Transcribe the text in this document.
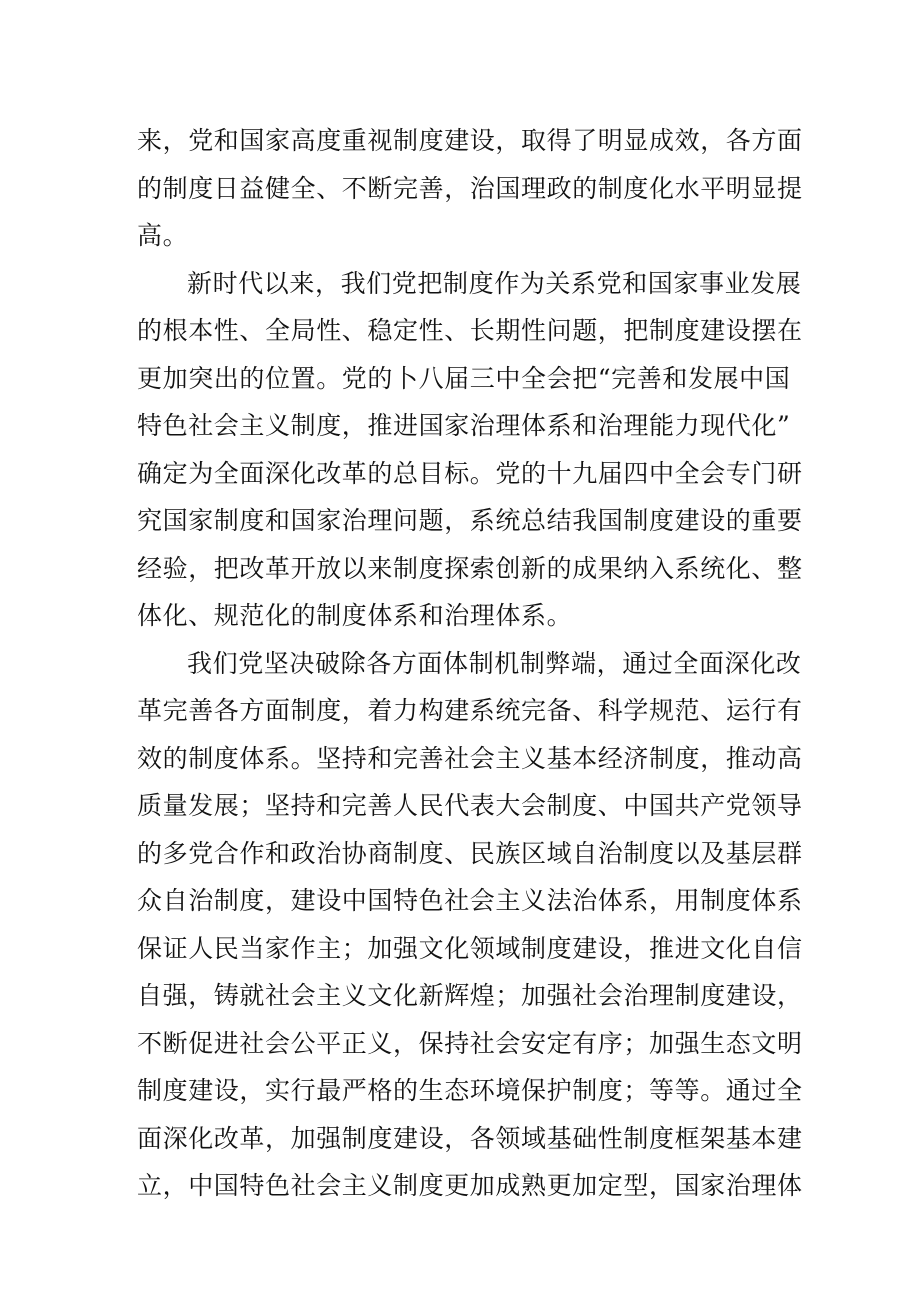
来，党和国家高度重视制度建设，取得了明显成效，各方面
的制度日益健全、不断完善，治国理政的制度化水平明显提
高。
新时代以来，我们党把制度作为关系党和国家事业发展
的根本性、全局性、稳定性、长期性问题，把制度建设摆在
更加突出的位置。党的卜八届三中全会把“完善和发展中国
特色社会主义制度，推进国家治理体系和治理能力现代化”
确定为全面深化改革的总目标。党的十九届四中全会专门研
究国家制度和国家治理问题，系统总结我国制度建设的重要
经验，把改革开放以来制度探索创新的成果纳入系统化、整
体化、规范化的制度体系和治理体系。
我们党坚决破除各方面体制机制弊端，通过全面深化改
革完善各方面制度，着力构建系统完备、科学规范、运行有
效的制度体系。坚持和完善社会主义基本经济制度，推动高
质量发展；坚持和完善人民代表大会制度、中国共产党领导
的多党合作和政治协商制度、民族区域自治制度以及基层群
众自治制度，建设中国特色社会主义法治体系，用制度体系
保证人民当家作主；加强文化领域制度建设，推进文化自信
自强，铸就社会主义文化新辉煌；加强社会治理制度建设，
不断促进社会公平正义，保持社会安定有序；加强生态文明
制度建设，实行最严格的生态环境保护制度；等等。通过全
面深化改革，加强制度建设，各领域基础性制度框架基本建
立，中国特色社会主义制度更加成熟更加定型，国家治理体
